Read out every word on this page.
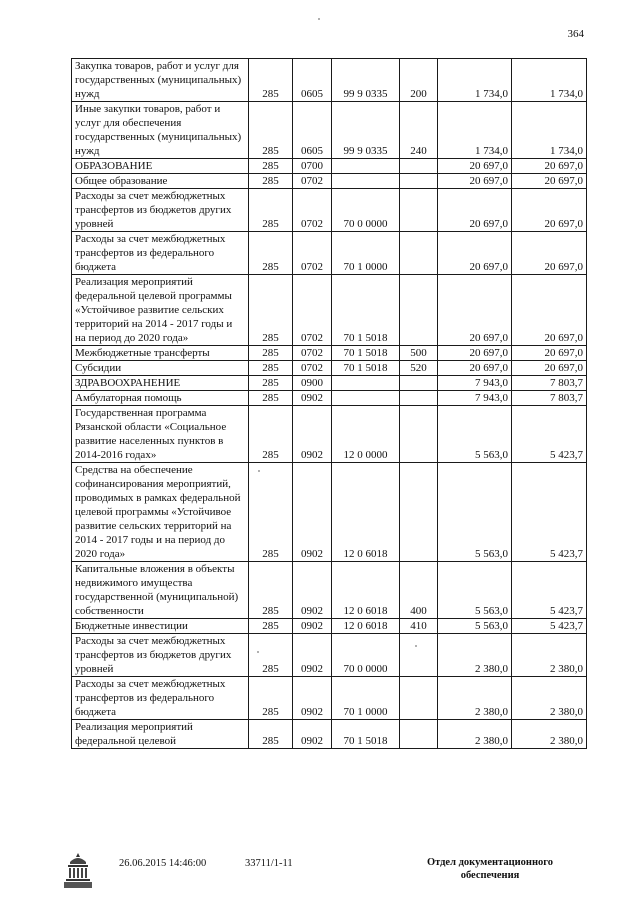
364
Закупка товаров, работ и услуг для государственных (муниципальных) нужд	285	0605	99 9 0335	200	1 734,0	1 734,0
Иные закупки товаров, работ и услуг для обеспечения государственных (муниципальных) нужд	285	0605	99 9 0335	240	1 734,0	1 734,0
ОБРАЗОВАНИЕ	285	0700			20 697,0	20 697,0
Общее образование	285	0702			20 697,0	20 697,0
Расходы за счет межбюджетных трансфертов из бюджетов других уровней	285	0702	70 0 0000		20 697,0	20 697,0
Расходы за счет межбюджетных трансфертов из федерального бюджета	285	0702	70 1 0000		20 697,0	20 697,0
Реализация мероприятий федеральной целевой программы «Устойчивое развитие сельских территорий на 2014 - 2017 годы и на период до 2020 года»	285	0702	70 1 5018		20 697,0	20 697,0
Межбюджетные трансферты	285	0702	70 1 5018	500	20 697,0	20 697,0
Субсидии	285	0702	70 1 5018	520	20 697,0	20 697,0
ЗДРАВООХРАНЕНИЕ	285	0900			7 943,0	7 803,7
Амбулаторная помощь	285	0902			7 943,0	7 803,7
Государственная программа Рязанской области «Социальное развитие населенных пунктов в 2014-2016 годах»	285	0902	12 0 0000		5 563,0	5 423,7
Средства на обеспечение софинансирования мероприятий, проводимых в рамках федеральной целевой программы «Устойчивое развитие сельских территорий на 2014 - 2017 годы и на период до 2020 года»	285	0902	12 0 6018		5 563,0	5 423,7
Капитальные вложения в объекты недвижимого имущества государственной (муниципальной) собственности	285	0902	12 0 6018	400	5 563,0	5 423,7
Бюджетные инвестиции	285	0902	12 0 6018	410	5 563,0	5 423,7
Расходы за счет межбюджетных трансфертов из бюджетов других уровней	285	0902	70 0 0000		2 380,0	2 380,0
Расходы за счет межбюджетных трансфертов из федерального бюджета	285	0902	70 1 0000		2 380,0	2 380,0
Реализация мероприятий федеральной целевой	285	0902	70 1 5018		2 380,0	2 380,0
26.06.2015 14:46:00	33711/1-11	Отдел документационного
обеспечения
